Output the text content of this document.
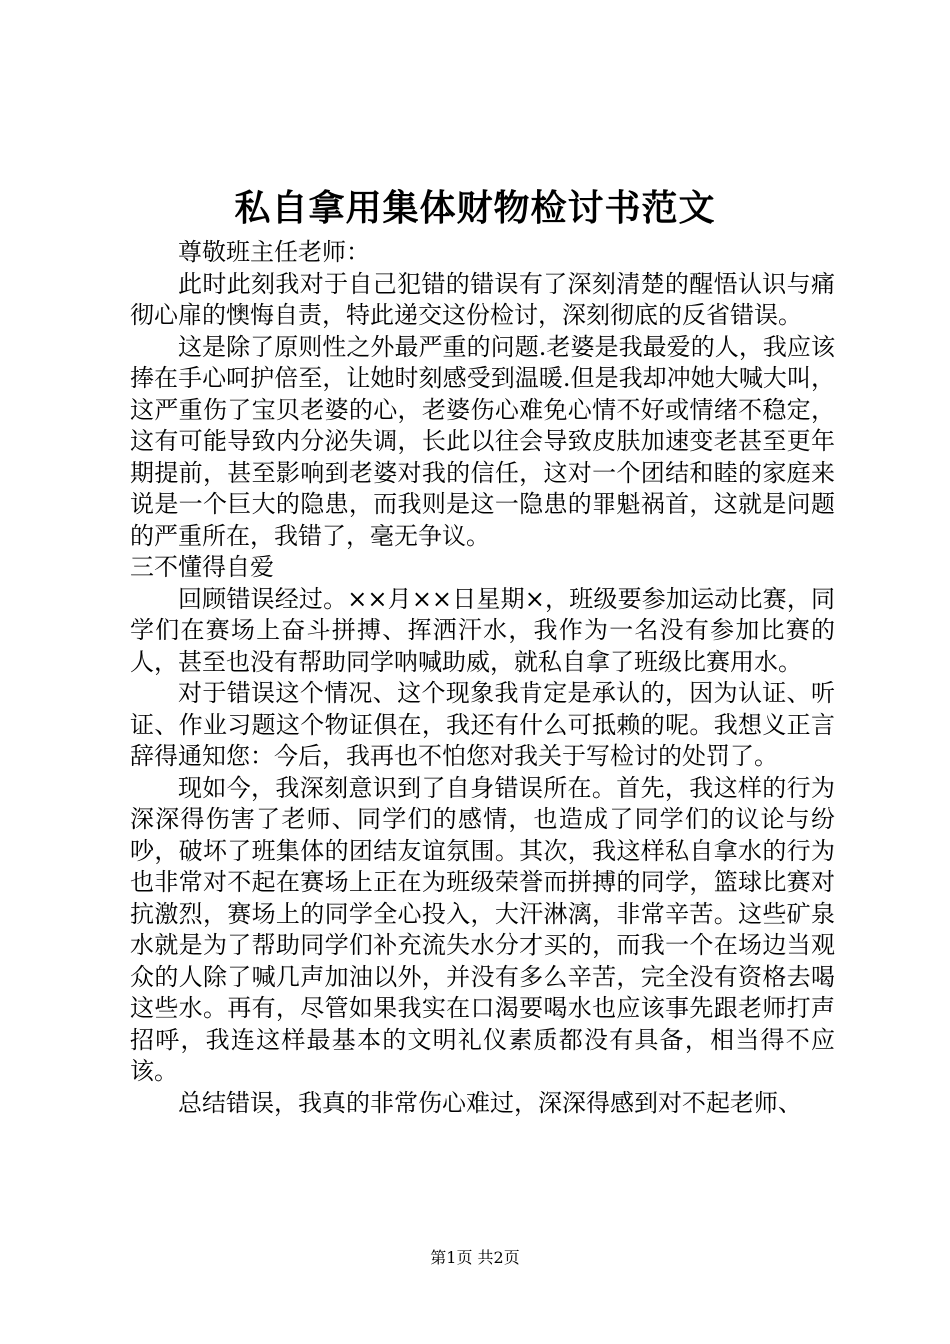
私自拿用集体财物检讨书范文

尊敬班主任老师：

此时此刻我对于自己犯错的错误有了深刻清楚的醒悟认识与痛彻心扉的懊悔自责，特此递交这份检讨，深刻彻底的反省错误。

这是除了原则性之外最严重的问题.老婆是我最爱的人，我应该捧在手心呵护倍至，让她时刻感受到温暖.但是我却冲她大喊大叫，这严重伤了宝贝老婆的心，老婆伤心难免心情不好或情绪不稳定，这有可能导致内分泌失调，长此以往会导致皮肤加速变老甚至更年期提前，甚至影响到老婆对我的信任，这对一个团结和睦的家庭来说是一个巨大的隐患，而我则是这一隐患的罪魁祸首，这就是问题的严重所在，我错了，毫无争议。

三不懂得自爱

回顾错误经过。××月××日星期×，班级要参加运动比赛，同学们在赛场上奋斗拼搏、挥洒汗水，我作为一名没有参加比赛的人，甚至也没有帮助同学呐喊助威，就私自拿了班级比赛用水。

对于错误这个情况、这个现象我肯定是承认的，因为认证、听证、作业习题这个物证俱在，我还有什么可抵赖的呢。我想义正言辞得通知您：今后，我再也不怕您对我关于写检讨的处罚了。

现如今，我深刻意识到了自身错误所在。首先，我这样的行为深深得伤害了老师、同学们的感情，也造成了同学们的议论与纷吵，破坏了班集体的团结友谊氛围。其次，我这样私自拿水的行为也非常对不起在赛场上正在为班级荣誉而拼搏的同学，篮球比赛对抗激烈，赛场上的同学全心投入，大汗淋漓，非常辛苦。这些矿泉水就是为了帮助同学们补充流失水分才买的，而我一个在场边当观众的人除了喊几声加油以外，并没有多么辛苦，完全没有资格去喝这些水。再有，尽管如果我实在口渴要喝水也应该事先跟老师打声招呼，我连这样最基本的文明礼仪素质都没有具备，相当得不应该。

总结错误，我真的非常伤心难过，深深得感到对不起老师、

第1页 共2页
